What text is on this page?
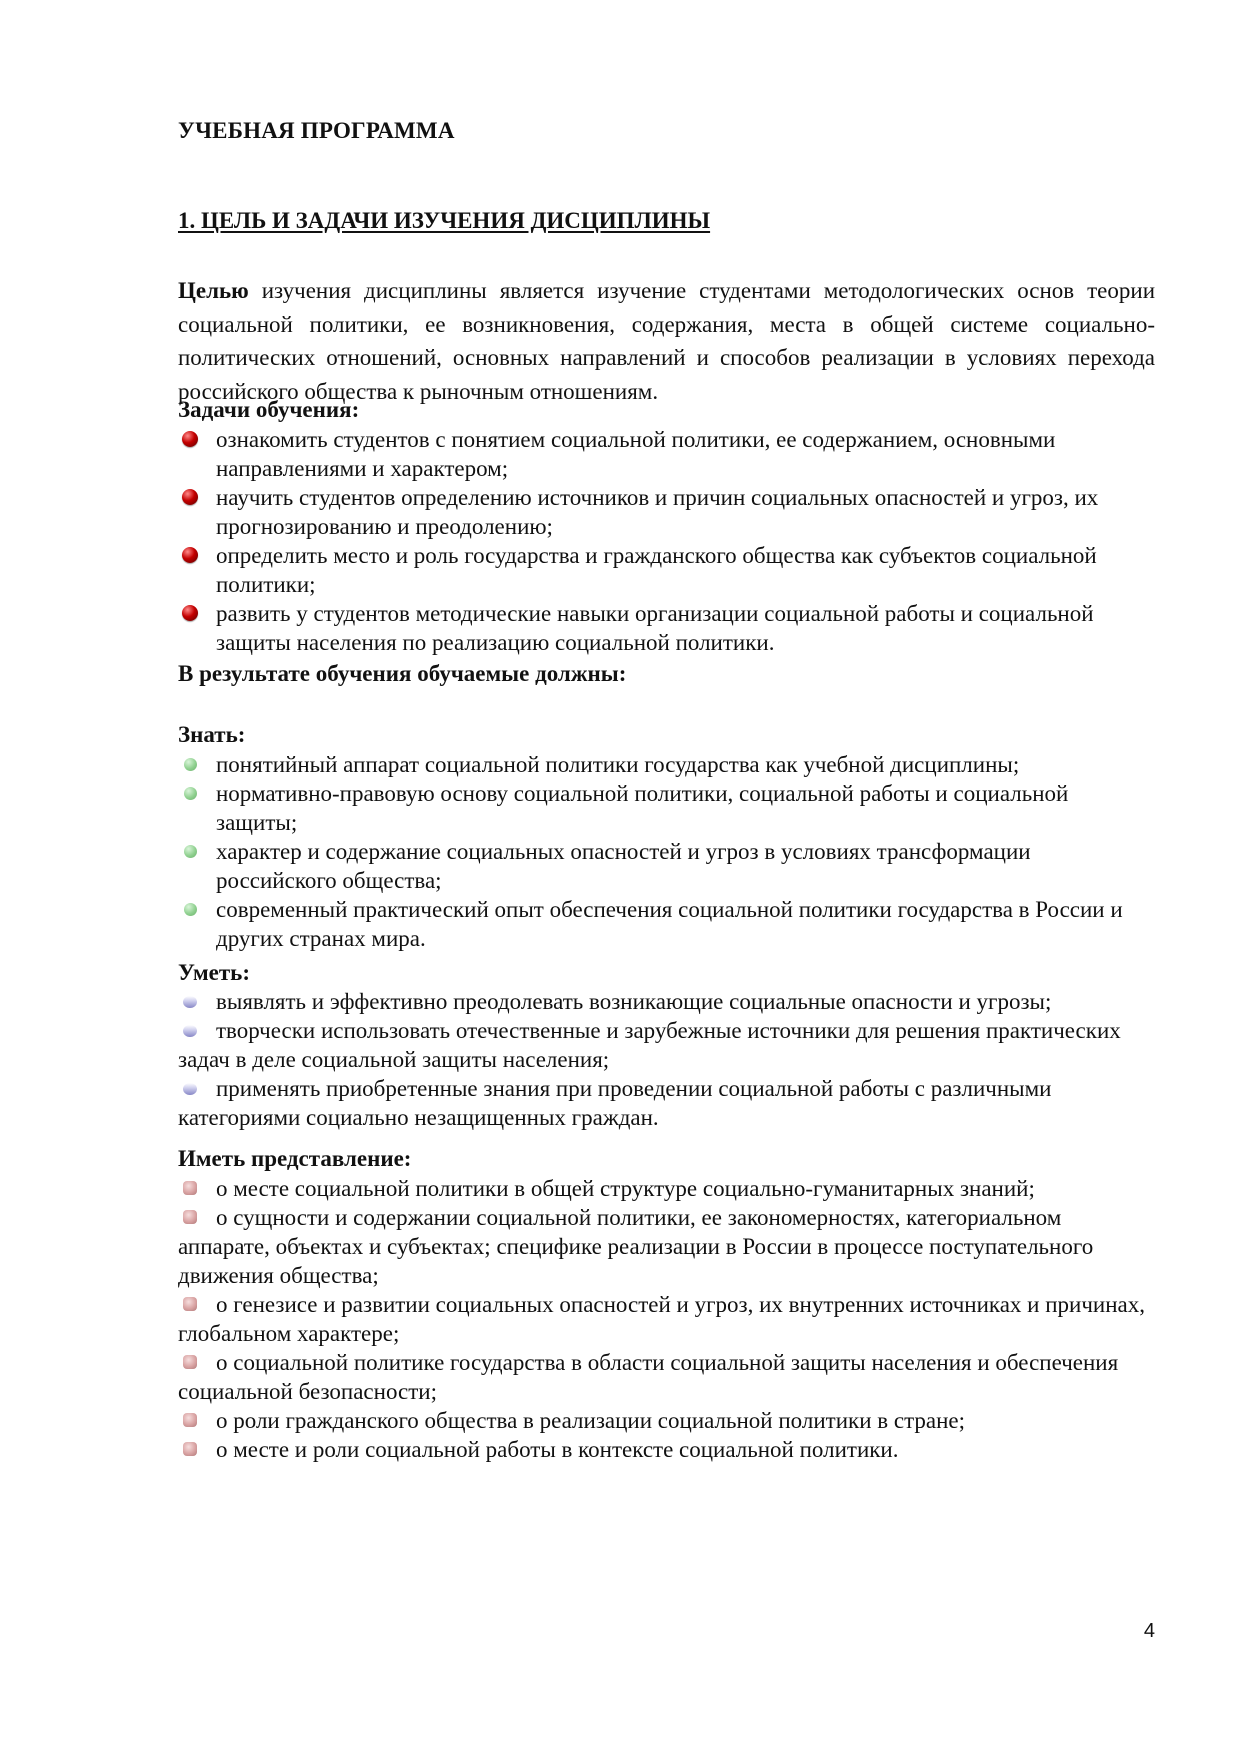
УЧЕБНАЯ ПРОГРАММА
1. ЦЕЛЬ И ЗАДАЧИ ИЗУЧЕНИЯ ДИСЦИПЛИНЫ

Целью изучения дисциплины является изучение студентами методологических основ теории социальной политики, ее возникновения, содержания, места в общей системе социально-политических отношений, основных направлений и способов реализации в условиях перехода российского общества к рыночным отношениям.

Задачи обучения:
ознакомить студентов с понятием социальной политики, ее содержанием, основными направлениями и характером;
научить студентов определению источников и причин социальных опасностей и угроз, их прогнозированию и преодолению;
определить место и роль государства и гражданского общества как субъектов социальной политики;
развить у студентов методические навыки организации социальной работы и социальной защиты населения по реализацию социальной политики.
В результате обучения обучаемые должны:
Знать:
понятийный аппарат социальной политики государства как учебной дисциплины;
нормативно-правовую основу социальной политики, социальной работы и социальной защиты;
характер и содержание социальных опасностей и угроз в условиях трансформации российского общества;
современный практический опыт обеспечения социальной политики государства в России и других странах мира.
Уметь:
выявлять и эффективно преодолевать возникающие социальные опасности и угрозы;
творчески использовать отечественные и зарубежные источники для решения практических задач в деле социальной защиты населения;
применять приобретенные знания при проведении социальной работы с различными категориями социально незащищенных граждан.
Иметь представление:
о месте социальной политики в общей структуре социально-гуманитарных знаний;
о сущности и содержании социальной политики, ее закономерностях, категориальном аппарате, объектах и субъектах; специфике реализации в России в процессе поступательного движения общества;
о генезисе и развитии социальных опасностей и угроз, их внутренних источниках и причинах, глобальном характере;
о социальной политике государства в области социальной защиты населения и обеспечения социальной безопасности;
о роли гражданского общества в реализации социальной политики в стране;
о месте и роли социальной работы в контексте социальной политики.
4
